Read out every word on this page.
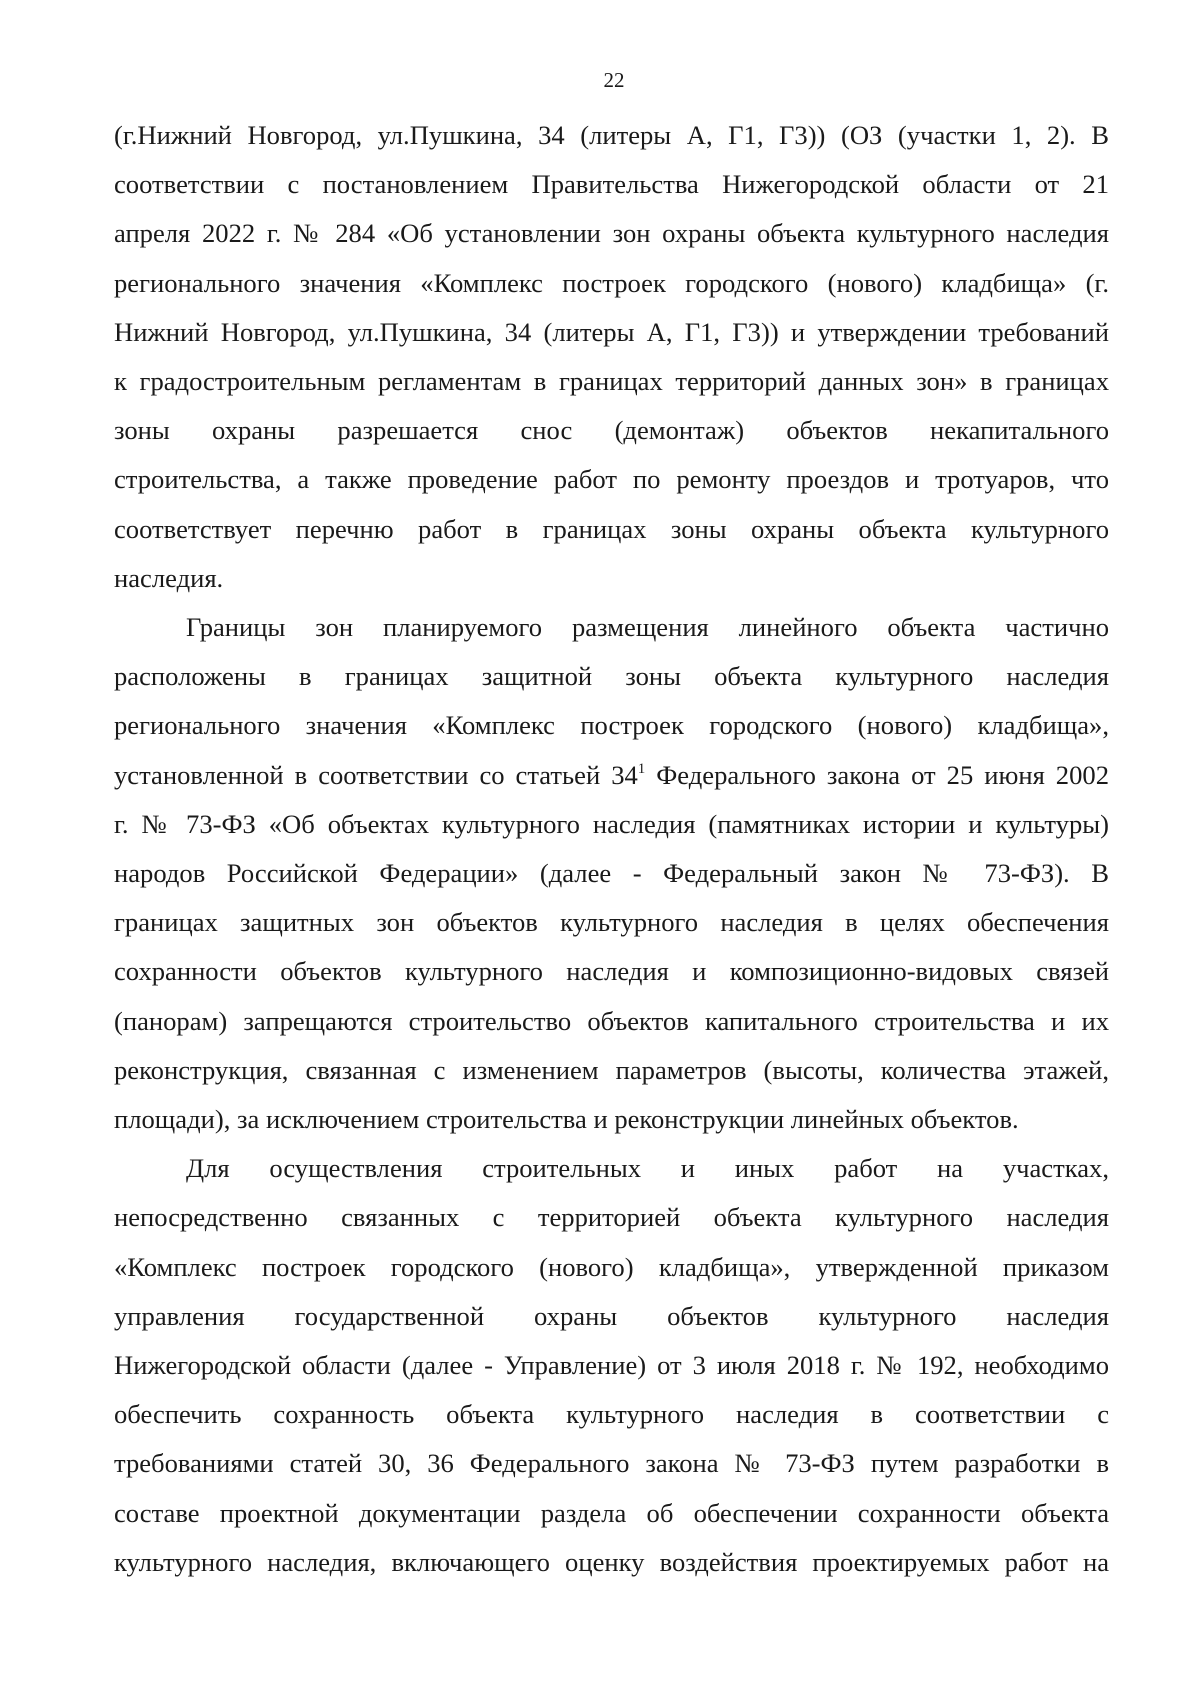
22
(г.Нижний Новгород, ул.Пушкина, 34 (литеры А, Г1, Г3)) (ОЗ (участки 1, 2). В
соответствии с постановлением Правительства Нижегородской области от 21
апреля 2022 г. № 284 «Об установлении зон охраны объекта культурного наследия
регионального значения «Комплекс построек городского (нового) кладбища» (г.
Нижний Новгород, ул.Пушкина, 34 (литеры А, Г1, Г3)) и утверждении требований
к градостроительным регламентам в границах территорий данных зон» в границах
зоны охраны разрешается снос (демонтаж) объектов некапитального
строительства, а также проведение работ по ремонту проездов и тротуаров, что
соответствует перечню работ в границах зоны охраны объекта культурного
наследия.
Границы зон планируемого размещения линейного объекта частично
расположены в границах защитной зоны объекта культурного наследия
регионального значения «Комплекс построек городского (нового) кладбища»,
установленной в соответствии со статьей $34^1$ Федерального закона от 25 июня 2002
г. № 73-ФЗ «Об объектах культурного наследия (памятниках истории и культуры)
народов Российской Федерации» (далее - Федеральный закон № 73-ФЗ). В
границах защитных зон объектов культурного наследия в целях обеспечения
сохранности объектов культурного наследия и композиционно-видовых связей
(панорам) запрещаются строительство объектов капитального строительства и их
реконструкция, связанная с изменением параметров (высоты, количества этажей,
площади), за исключением строительства и реконструкции линейных объектов.
Для осуществления строительных и иных работ на участках,
непосредственно связанных с территорией объекта культурного наследия
«Комплекс построек городского (нового) кладбища», утвержденной приказом
управления государственной охраны объектов культурного наследия
Нижегородской области (далее - Управление) от 3 июля 2018 г. № 192, необходимо
обеспечить сохранность объекта культурного наследия в соответствии с
требованиями статей 30, 36 Федерального закона № 73-ФЗ путем разработки в
составе проектной документации раздела об обеспечении сохранности объекта
культурного наследия, включающего оценку воздействия проектируемых работ на
